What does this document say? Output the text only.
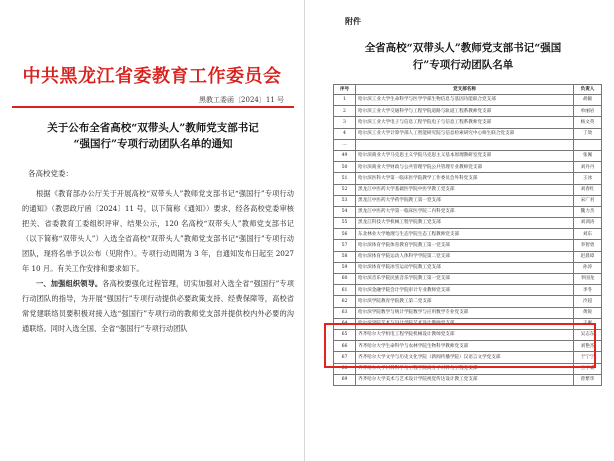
中共黑龙江省委教育工作委员会
黑教工委函〔2024〕11 号
关于公布全省高校“双带头人”教师党支部书记
“强国行”专项行动团队名单的通知
各高校党委：

根据《教育部办公厅关于开展高校“双带头人”教师党支部书记“强国行”专项行动的通知》（教思政厅函〔2024〕11 号，以下简称《通知》）要求，经各高校党委审核把关、省委教育工委组织评审、结果公示，120 名高校“双带头人”教师党支部书记（以下简称“双带头人”）入选全省高校“双带头人”教师党支部书记“强国行”专项行动团队，现将名单予以公布（见附件）。专项行动周期为 3 年，自通知发布日起至 2027 年 10 月。有关工作安排和要求如下。

一、加强组织领导。各高校要强化过程管理，切实加强对入选全省“强国行”专项行动团队的指导，为开展“强国行”专项行动提供必要政策支持、经费保障等，高校省常党建联络员要积极对接入选“强国行”专项行动的教师党支部并提供校内外必要的沟通联络。同时入选全国、全省“强国行”专项行动团队

附件
全省高校“双带头人”教师党支部书记“强国
行”专项行动团队名单
序号	党支部名称	负责人
1	哈尔滨工业大学生命科学与医学学部生物信息与基因功能联合党支部	胡颖
2	哈尔滨工业大学交通科学与工程学院道路与轨道工程系教师党支部	单丽岩
3	哈尔滨工业大学电子与信息工程学院电子与信息工程系教师党支部	杨文英
4	哈尔滨工业大学计算学部人工智能研究院与信息检索研究中心师生联合党支部	丁效
…		
49	哈尔滨商业大学马克思主义学院马克思主义基本原理教研室党支部	张佩
50	哈尔滨商业大学财政与公共管理学院公共管理专业教师党支部	刘丹丹
51	哈尔滨医科大学第一临床医学院教学工作委员会外科党支部	王冰
52	黑龙江中医药大学基础医学院中医学教工党支部	刘春红
53	黑龙江中医药大学药学院教工第一党支部	宋广君
54	黑龙江中医药大学第一临床医学院二内科党支部	魏力杰
55	黑龙江科技大学机械工程学院教工党支部	刘训涛
56	东北林业大学地理与生态学院生态工程教师党支部	刘东
57	哈尔滨体育学院体育教育学院教工第一党支部	李智勇
58	哈尔滨体育学院运动人体科学学院第二党支部	赵晨璋
59	哈尔滨体育学院冰雪运动学院教工党支部	孙涛
60	哈尔滨音乐学院民族音乐学院教工第一党支部	李国龙
61	哈尔滨金融学院会计学院审计专业教师党支部	李冬
62	哈尔滨学院教育学院教工第二党支部	冷超
63	哈尔滨学院数学与统计学院数学与应用数学专业党支部	黄锐
64	哈尔滨学院艺术与设计学院艺术设计教师党支部	王惠
65	齐齐哈尔大学机电工程学院机械设计教师党支部	吴志东
66	齐齐哈尔大学生命科学与农林学院生物科学教师党支部	刘艳杰
67	齐齐哈尔大学文学与历史文化学院（新闻传播学院）汉语言文学党支部	于宁宁
68	齐齐哈尔大学材料科学与工程学院高分子材料与工程党支部	王宇威
69	齐齐哈尔大学美术与艺术设计学院视觉传达设计教工党支部	曾繁华
